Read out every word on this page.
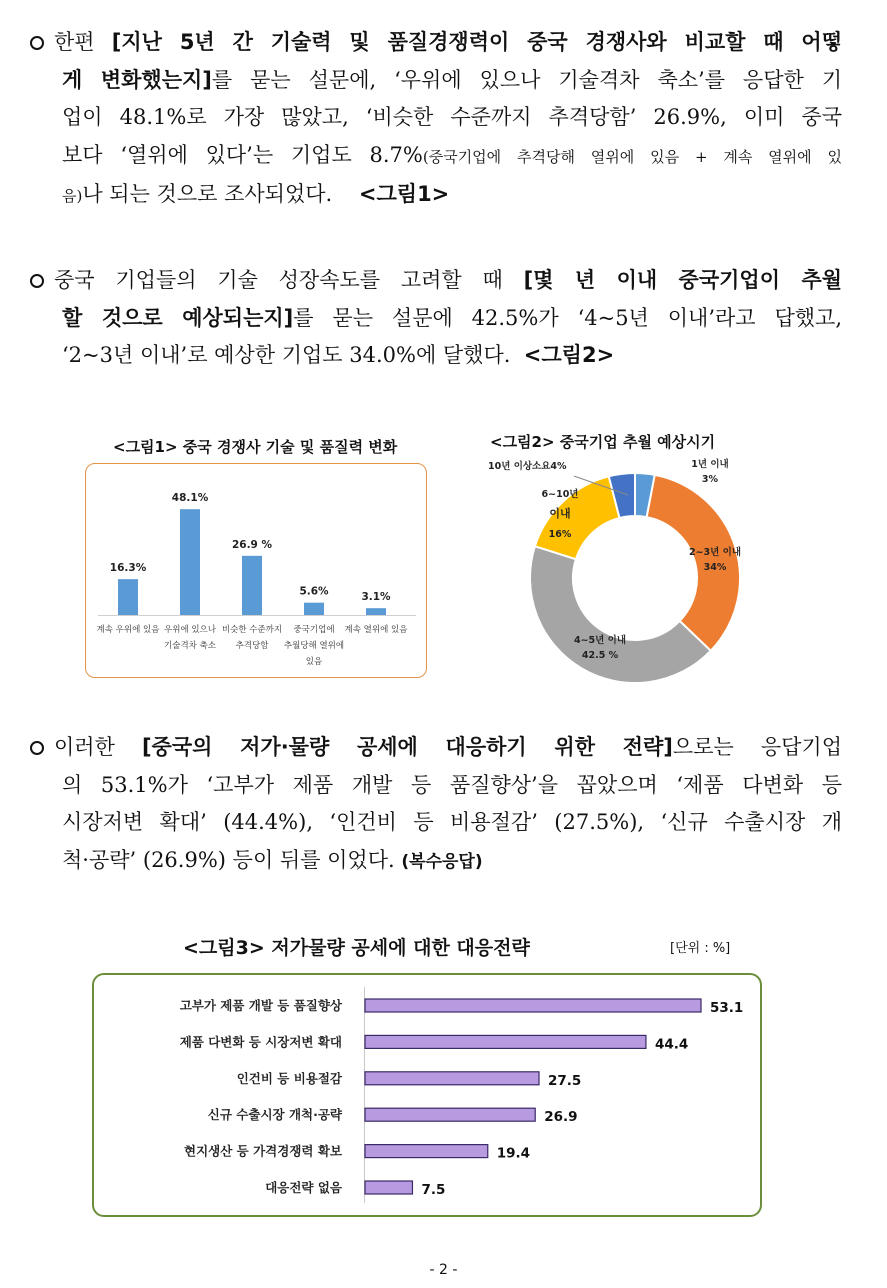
한편 [지난 5년 간 기술력 및 품질경쟁력이 중국 경쟁사와 비교할 때 어떻
게 변화했는지]를 묻는 설문에, ‘우위에 있으나 기술격차 축소’를 응답한 기
업이 48.1%로 가장 많았고, ‘비슷한 수준까지 추격당함’ 26.9%, 이미 중국
보다 ‘열위에 있다’는 기업도 8.7%(중국기업에 추격당해 열위에 있음 + 계속 열위에 있
음)나 되는 것으로 조사되었다. <그림1>
중국 기업들의 기술 성장속도를 고려할 때 [몇 년 이내 중국기업이 추월
할 것으로 예상되는지]를 묻는 설문에 42.5%가 ‘4~5년 이내’라고 답했고,
‘2~3년 이내’로 예상한 기업도 34.0%에 달했다. <그림2>
<그림1> 중국 경쟁사 기술 및 품질력 변화
16.3%
계속 우위에 있음
48.1%
우위에 있으나
기술격차 축소
26.9 %
비슷한 수준까지
추격당함
5.6%
중국기업에
추월당해 열위에
있음
3.1%
계속 열위에 있음
<그림2> 중국기업 추월 예상시기
1년 이내
3%
2~3년 이내
34%
4~5년 이내
42.5 %
6~10년
이내
16%
10년 이상소요4%
이러한 [중국의 저가·물량 공세에 대응하기 위한 전략]으로는 응답기업
의 53.1%가 ‘고부가 제품 개발 등 품질향상’을 꼽았으며 ‘제품 다변화 등
시장저변 확대’ (44.4%), ‘인건비 등 비용절감’ (27.5%), ‘신규 수출시장 개
척·공략’ (26.9%) 등이 뒤를 이었다. (복수응답)
<그림3> 저가물량 공세에 대한 대응전략	[단위 : %]
고부가 제품 개발 등 품질향상	53.1
제품 다변화 등 시장저변 확대	44.4
인건비 등 비용절감	27.5
신규 수출시장 개척·공략	26.9
현지생산 등 가격경쟁력 확보	19.4
대응전략 없음	7.5
- 2 -
